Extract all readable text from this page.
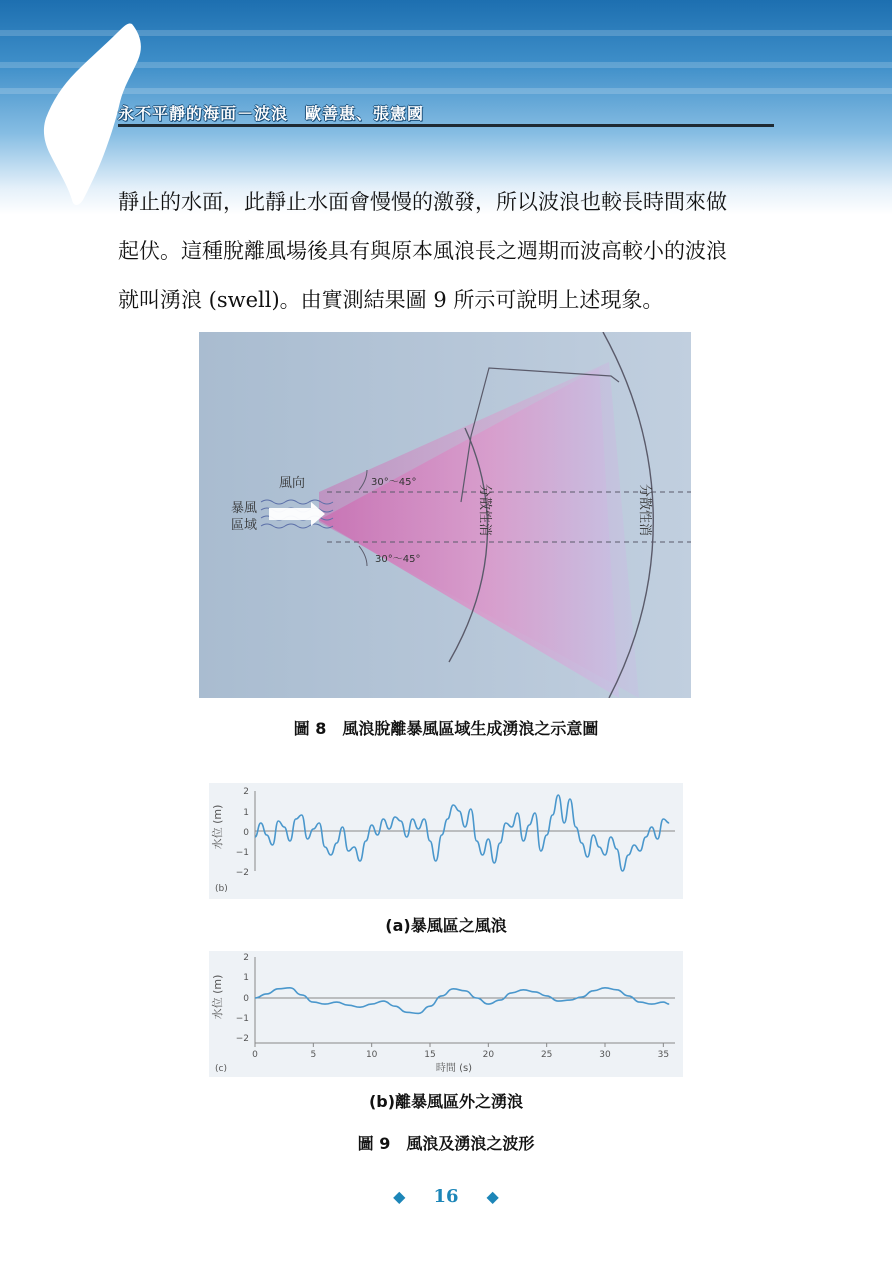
永不平靜的海面－波浪　歐善惠、張憲國

靜止的水面，此靜止水面會慢慢的激發，所以波浪也較長時間來做
起伏。這種脫離風場後具有與原本風浪長之週期而波高較小的波浪
就叫湧浪 (swell)。由實測結果圖 9 所示可說明上述現象。

風向
暴風
區域
30°～45°
30°～45°
分散性消	分散性消
圖 8　風浪脫離暴風區域生成湧浪之示意圖
水位 (m)
2
1
0
−1
−2
(b)
(a)暴風區之風浪
水位 (m)
2
1
0
−1
−2
(c)
0	5	10	15	20	25	30	35
時間 (s)
(b)離暴風區外之湧浪
圖 9　風浪及湧浪之波形
◆ 16 ◆
